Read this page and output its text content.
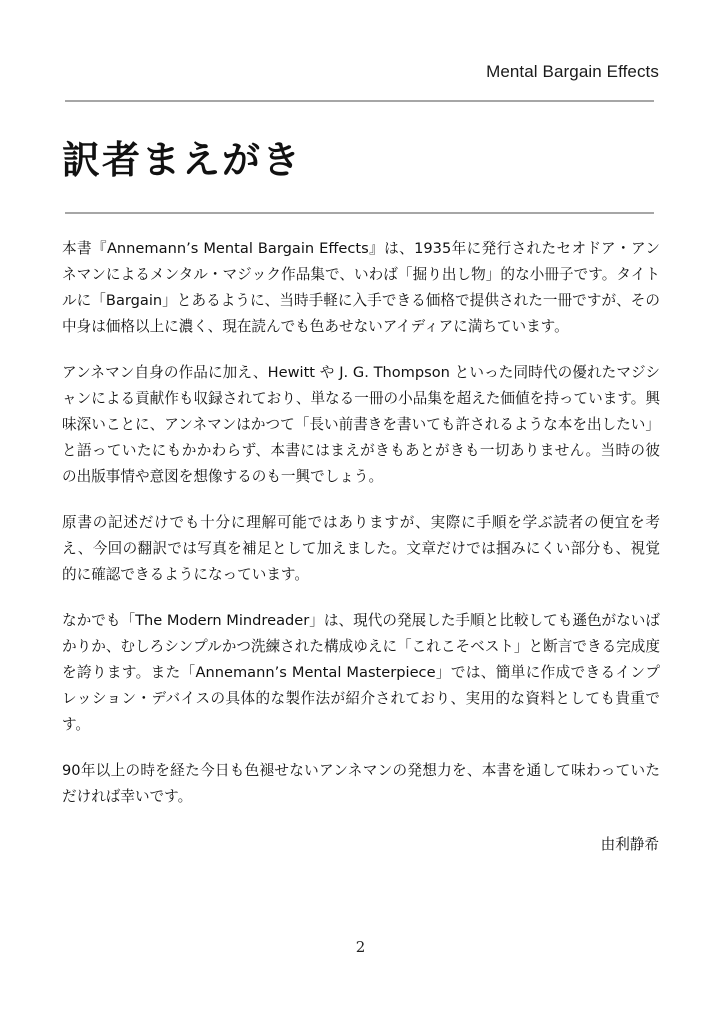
Mental Bargain Effects
訳者まえがき

本書『Annemann’s Mental Bargain Effects』は、1935年に発行されたセオドア・アンネマンによるメンタル・マジック作品集で、いわば「掘り出し物」的な小冊子です。タイトルに「Bargain」とあるように、当時手軽に入手できる価格で提供された一冊ですが、その中身は価格以上に濃く、現在読んでも色あせないアイディアに満ちています。

アンネマン自身の作品に加え、Hewitt や J. G. Thompson といった同時代の優れたマジシャンによる貢献作も収録されており、単なる一冊の小品集を超えた価値を持っています。興味深いことに、アンネマンはかつて「長い前書きを書いても許されるような本を出したい」と語っていたにもかかわらず、本書にはまえがきもあとがきも一切ありません。当時の彼の出版事情や意図を想像するのも一興でしょう。

原書の記述だけでも十分に理解可能ではありますが、実際に手順を学ぶ読者の便宜を考え、今回の翻訳では写真を補足として加えました。文章だけでは掴みにくい部分も、視覚的に確認できるようになっています。

なかでも「The Modern Mindreader」は、現代の発展した手順と比較しても遜色がないばかりか、むしろシンプルかつ洗練された構成ゆえに「これこそベスト」と断言できる完成度を誇ります。また「Annemann’s Mental Masterpiece」では、簡単に作成できるインプレッション・デバイスの具体的な製作法が紹介されており、実用的な資料としても貴重です。

90年以上の時を経た今日も色褪せないアンネマンの発想力を、本書を通して味わっていただければ幸いです。

由利静希
2
